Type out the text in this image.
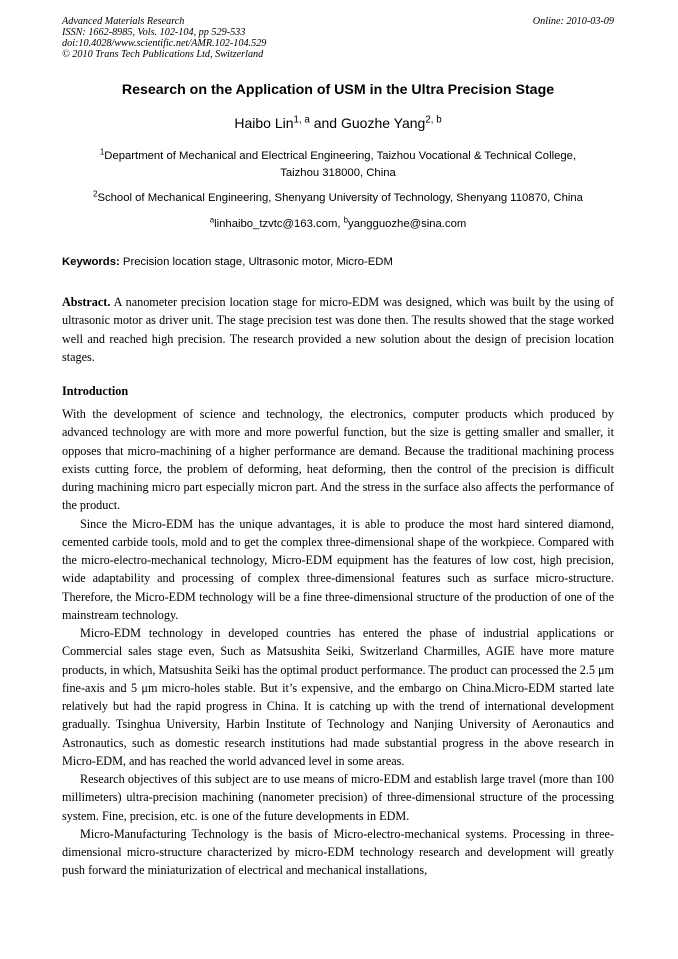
Advanced Materials Research
ISSN: 1662-8985, Vols. 102-104, pp 529-533
doi:10.4028/www.scientific.net/AMR.102-104.529
© 2010 Trans Tech Publications Ltd, Switzerland
Online: 2010-03-09
Research on the Application of USM in the Ultra Precision Stage
Haibo Lin$^{1, a}$ and Guozhe Yang$^{2, b}$
$^1$Department of Mechanical and Electrical Engineering, Taizhou Vocational & Technical College,
Taizhou 318000, China
$^2$School of Mechanical Engineering, Shenyang University of Technology, Shenyang 110870, China
$^a$linhaibo_tzvtc@163.com, $^b$yangguozhe@sina.com
Keywords: Precision location stage, Ultrasonic motor, Micro-EDM

Abstract. A nanometer precision location stage for micro-EDM was designed, which was built by the using of ultrasonic motor as driver unit. The stage precision test was done then. The results showed that the stage worked well and reached high precision. The research provided a new solution about the design of precision location stages.

Introduction

With the development of science and technology, the electronics, computer products which produced by advanced technology are with more and more powerful function, but the size is getting smaller and smaller, it opposes that micro-machining of a higher performance are demand. Because the traditional machining process exists cutting force, the problem of deforming, heat deforming, then the control of the precision is difficult during machining micro part especially micron part. And the stress in the surface also affects the performance of the product.

Since the Micro-EDM has the unique advantages, it is able to produce the most hard sintered diamond, cemented carbide tools, mold and to get the complex three-dimensional shape of the workpiece. Compared with the micro-electro-mechanical technology, Micro-EDM equipment has the features of low cost, high precision, wide adaptability and processing of complex three-dimensional features such as surface micro-structure. Therefore, the Micro-EDM technology will be a fine three-dimensional structure of the production of one of the mainstream technology.

Micro-EDM technology in developed countries has entered the phase of industrial applications or Commercial sales stage even, Such as Matsushita Seiki, Switzerland Charmilles, AGIE have more mature products, in which, Matsushita Seiki has the optimal product performance. The product can processed the 2.5 μm fine-axis and 5 μm micro-holes stable. But it’s expensive, and the embargo on China.Micro-EDM started late relatively but had the rapid progress in China. It is catching up with the trend of international development gradually. Tsinghua University, Harbin Institute of Technology and Nanjing University of Aeronautics and Astronautics, such as domestic research institutions had made substantial progress in the above research in Micro-EDM, and has reached the world advanced level in some areas.

Research objectives of this subject are to use means of micro-EDM and establish large travel (more than 100 millimeters) ultra-precision machining (nanometer precision) of three-dimensional structure of the processing system. Fine, precision, etc. is one of the future developments in EDM.

Micro-Manufacturing Technology is the basis of Micro-electro-mechanical systems. Processing in three-dimensional micro-structure characterized by micro-EDM technology research and development will greatly push forward the miniaturization of electrical and mechanical installations,
